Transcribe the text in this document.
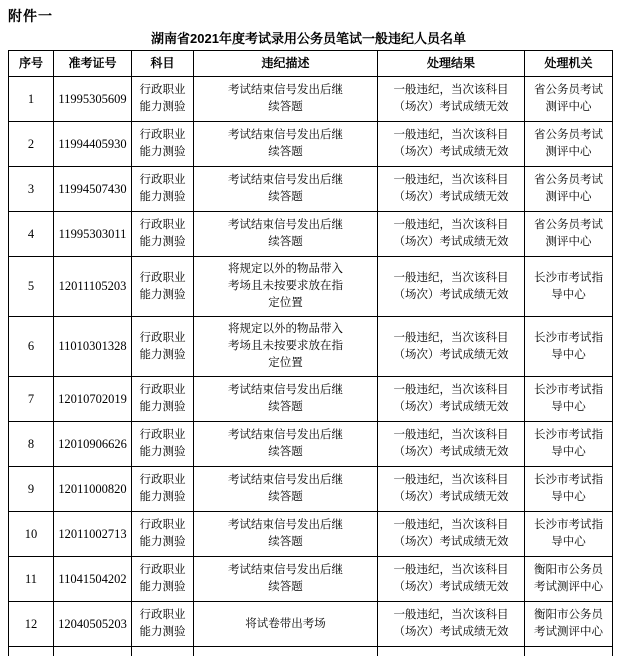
附件一
湖南省2021年度考试录用公务员笔试一般违纪人员名单
序号	准考证号	科目	违纪描述	处理结果	处理机关
1	11995305609	行政职业能力测验	考试结束信号发出后继续答题	一般违纪，当次该科目（场次）考试成绩无效	省公务员考试测评中心
2	11994405930	行政职业能力测验	考试结束信号发出后继续答题	一般违纪，当次该科目（场次）考试成绩无效	省公务员考试测评中心
3	11994507430	行政职业能力测验	考试结束信号发出后继续答题	一般违纪，当次该科目（场次）考试成绩无效	省公务员考试测评中心
4	11995303011	行政职业能力测验	考试结束信号发出后继续答题	一般违纪，当次该科目（场次）考试成绩无效	省公务员考试测评中心
5	12011105203	行政职业能力测验	将规定以外的物品带入考场且未按要求放在指定位置	一般违纪，当次该科目（场次）考试成绩无效	长沙市考试指导中心
6	11010301328	行政职业能力测验	将规定以外的物品带入考场且未按要求放在指定位置	一般违纪，当次该科目（场次）考试成绩无效	长沙市考试指导中心
7	12010702019	行政职业能力测验	考试结束信号发出后继续答题	一般违纪，当次该科目（场次）考试成绩无效	长沙市考试指导中心
8	12010906626	行政职业能力测验	考试结束信号发出后继续答题	一般违纪，当次该科目（场次）考试成绩无效	长沙市考试指导中心
9	12011000820	行政职业能力测验	考试结束信号发出后继续答题	一般违纪，当次该科目（场次）考试成绩无效	长沙市考试指导中心
10	12011002713	行政职业能力测验	考试结束信号发出后继续答题	一般违纪，当次该科目（场次）考试成绩无效	长沙市考试指导中心
11	11041504202	行政职业能力测验	考试结束信号发出后继续答题	一般违纪，当次该科目（场次）考试成绩无效	衡阳市公务员考试测评中心
12	12040505203	行政职业能力测验	将试卷带出考场	一般违纪，当次该科目（场次）考试成绩无效	衡阳市公务员考试测评中心
